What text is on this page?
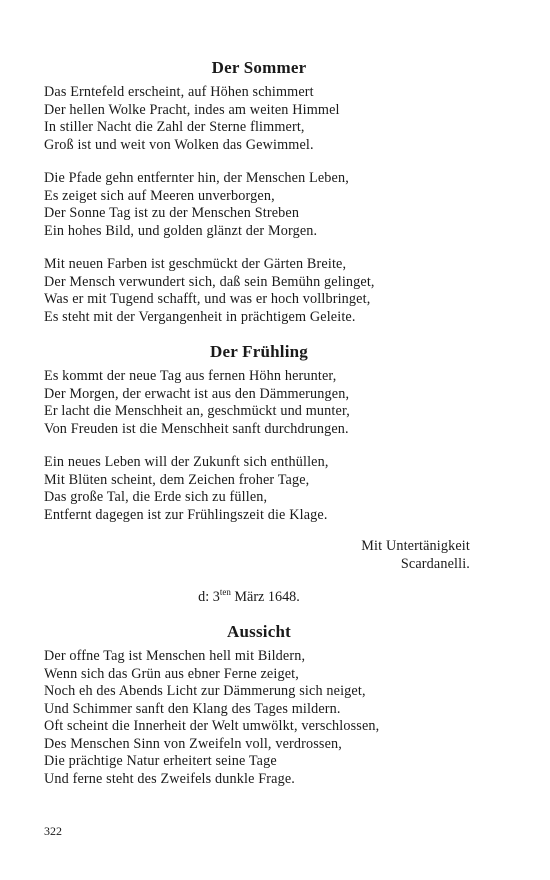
Der Sommer
Das Erntefeld erscheint, auf Höhen schimmert
Der hellen Wolke Pracht, indes am weiten Himmel
In stiller Nacht die Zahl der Sterne flimmert,
Groß ist und weit von Wolken das Gewimmel.
Die Pfade gehn entfernter hin, der Menschen Leben,
Es zeiget sich auf Meeren unverborgen,
Der Sonne Tag ist zu der Menschen Streben
Ein hohes Bild, und golden glänzt der Morgen.
Mit neuen Farben ist geschmückt der Gärten Breite,
Der Mensch verwundert sich, daß sein Bemühn gelinget,
Was er mit Tugend schafft, und was er hoch vollbringet,
Es steht mit der Vergangenheit in prächtigem Geleite.
Der Frühling
Es kommt der neue Tag aus fernen Höhn herunter,
Der Morgen, der erwacht ist aus den Dämmerungen,
Er lacht die Menschheit an, geschmückt und munter,
Von Freuden ist die Menschheit sanft durchdrungen.
Ein neues Leben will der Zukunft sich enthüllen,
Mit Blüten scheint, dem Zeichen froher Tage,
Das große Tal, die Erde sich zu füllen,
Entfernt dagegen ist zur Frühlingszeit die Klage.
Mit Untertänigkeit
Scardanelli.
d: $3^{ten}$ März 1648.
Aussicht
Der offne Tag ist Menschen hell mit Bildern,
Wenn sich das Grün aus ebner Ferne zeiget,
Noch eh des Abends Licht zur Dämmerung sich neiget,
Und Schimmer sanft den Klang des Tages mildern.
Oft scheint die Innerheit der Welt umwölkt, verschlossen,
Des Menschen Sinn von Zweifeln voll, verdrossen,
Die prächtige Natur erheitert seine Tage
Und ferne steht des Zweifels dunkle Frage.
322
